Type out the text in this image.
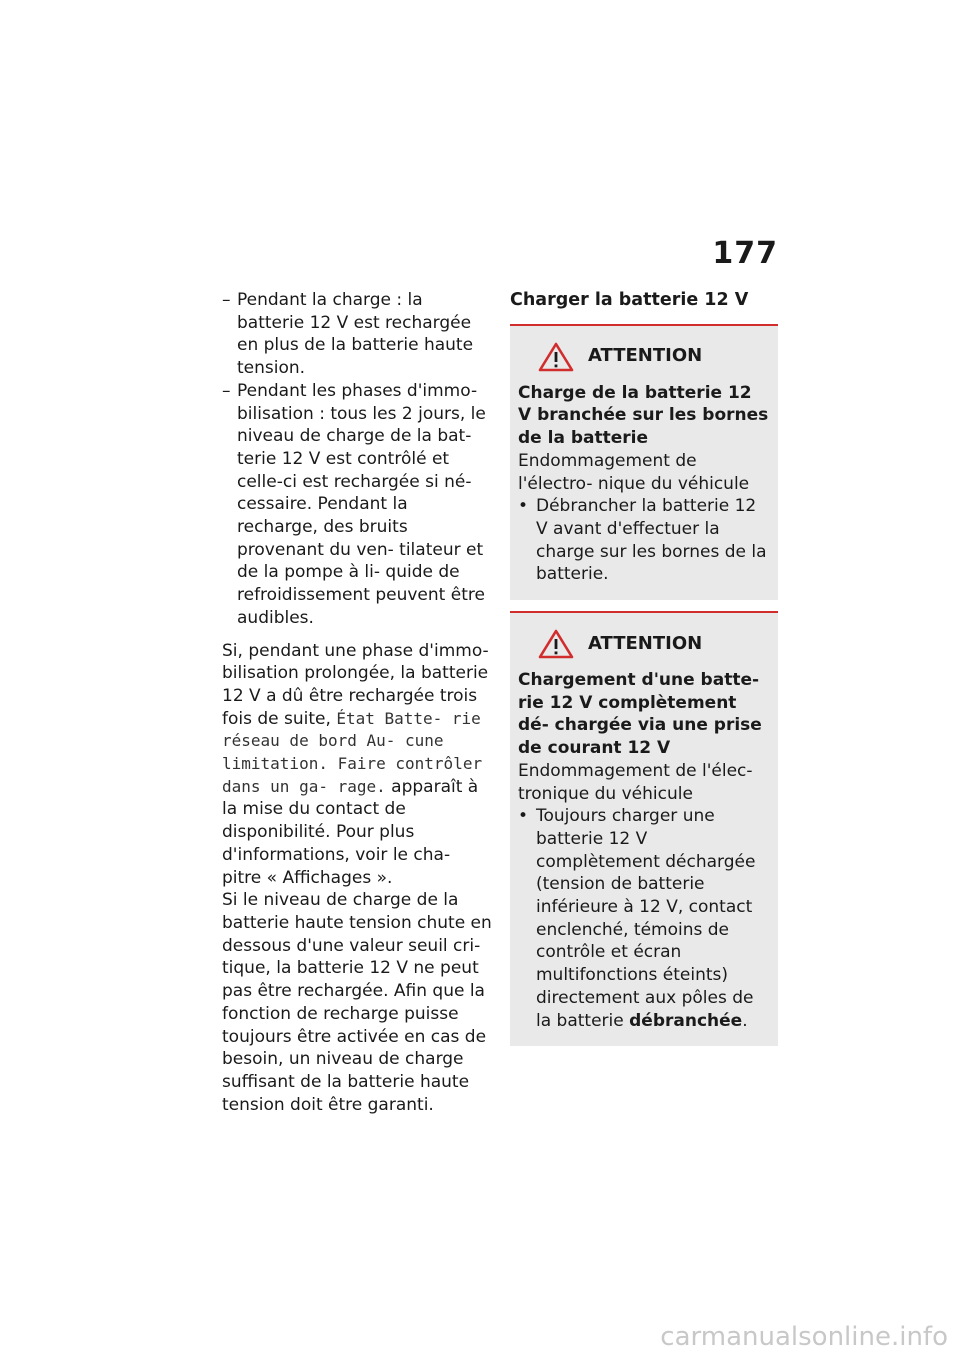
177
– Pendant la charge : la batterie 12 V est rechargée en plus de la batterie haute tension.
– Pendant les phases d'immo- bilisation : tous les 2 jours, le niveau de charge de la bat- terie 12 V est contrôlé et celle-ci est rechargée si né- cessaire. Pendant la recharge, des bruits provenant du ven- tilateur et de la pompe à li- quide de refroidissement peuvent être audibles.
Si, pendant une phase d'immo- bilisation prolongée, la batterie 12 V a dû être rechargée trois fois de suite, État Batte- rie réseau de bord Au- cune limitation. Faire contrôler dans un ga- rage. apparaît à la mise du contact de disponibilité. Pour plus d'informations, voir le cha- pitre « Affichages ».
Si le niveau de charge de la batterie haute tension chute en dessous d'une valeur seuil cri- tique, la batterie 12 V ne peut pas être rechargée. Afin que la fonction de recharge puisse toujours être activée en cas de besoin, un niveau de charge suffisant de la batterie haute tension doit être garanti.
Charger la batterie 12 V
ATTENTION
Charge de la batterie 12 V branchée sur les bornes de la batterie
Endommagement de l'électro- nique du véhicule
• Débrancher la batterie 12 V avant d'effectuer la charge sur les bornes de la batterie.
ATTENTION
Chargement d'une batte- rie 12 V complètement dé- chargée via une prise de courant 12 V
Endommagement de l'élec- tronique du véhicule
• Toujours charger une batterie 12 V complètement déchargée (tension de batterie inférieure à 12 V, contact enclenché, témoins de contrôle et écran multifonctions éteints) directement aux pôles de la batterie débranchée.
carmanualsonline.info
